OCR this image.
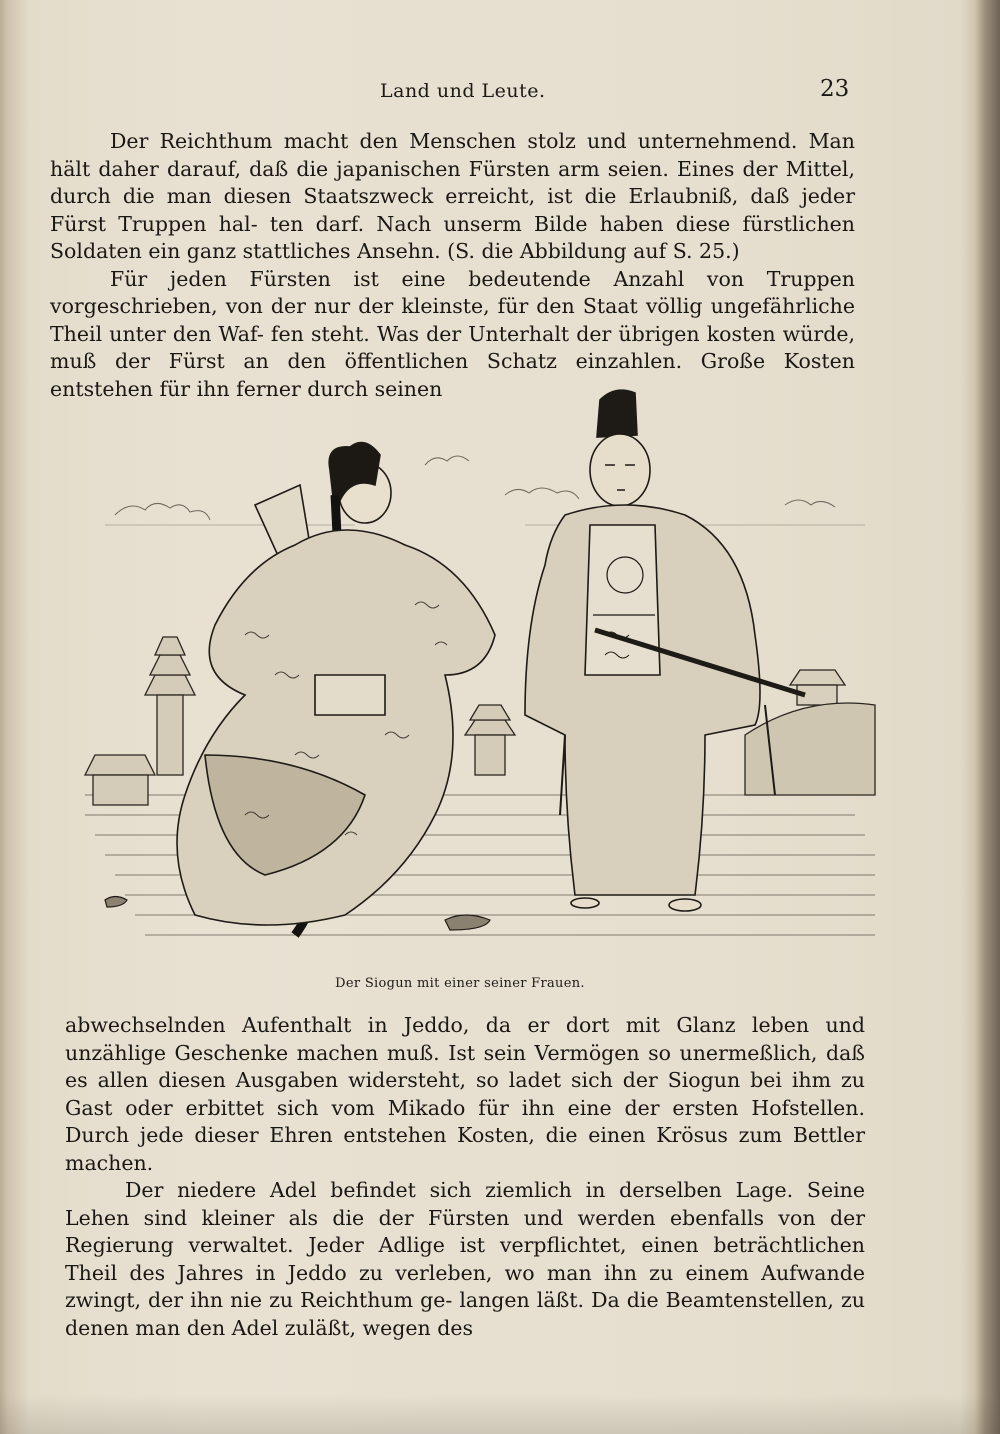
Land und Leute.	23

Der Reichthum macht den Menschen stolz und unternehmend. Man hält daher darauf, daß die japanischen Fürsten arm seien. Eines der Mittel, durch die man diesen Staatszweck erreicht, ist die Erlaubniß, daß jeder Fürst Truppen hal- ten darf. Nach unserm Bilde haben diese fürstlichen Soldaten ein ganz stattliches Ansehn. (S. die Abbildung auf S. 25.)

Für jeden Fürsten ist eine bedeutende Anzahl von Truppen vorgeschrieben, von der nur der kleinste, für den Staat völlig ungefährliche Theil unter den Waf- fen steht. Was der Unterhalt der übrigen kosten würde, muß der Fürst an den öffentlichen Schatz einzahlen. Große Kosten entstehen für ihn ferner durch seinen

Der Siogun mit einer seiner Frauen.

abwechselnden Aufenthalt in Jeddo, da er dort mit Glanz leben und unzählige Geschenke machen muß. Ist sein Vermögen so unermeßlich, daß es allen diesen Ausgaben widersteht, so ladet sich der Siogun bei ihm zu Gast oder erbittet sich vom Mikado für ihn eine der ersten Hofstellen. Durch jede dieser Ehren entstehen Kosten, die einen Krösus zum Bettler machen.

Der niedere Adel befindet sich ziemlich in derselben Lage. Seine Lehen sind kleiner als die der Fürsten und werden ebenfalls von der Regierung verwaltet. Jeder Adlige ist verpflichtet, einen beträchtlichen Theil des Jahres in Jeddo zu verleben, wo man ihn zu einem Aufwande zwingt, der ihn nie zu Reichthum ge- langen läßt. Da die Beamtenstellen, zu denen man den Adel zuläßt, wegen des
